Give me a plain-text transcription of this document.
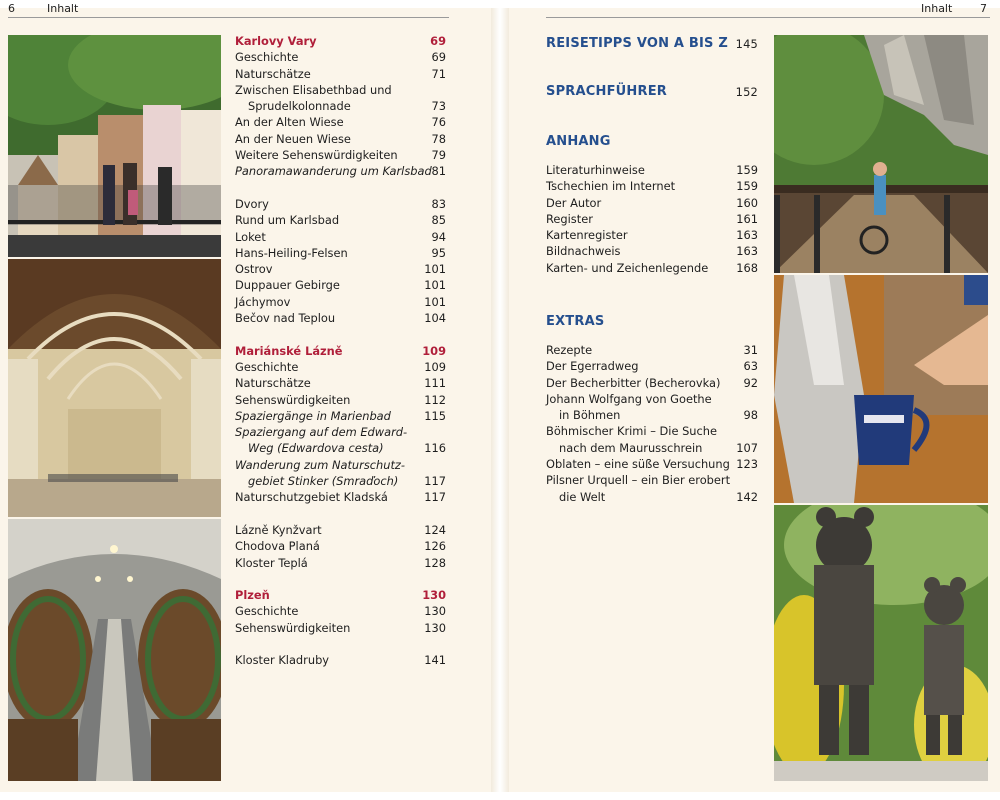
6	Inhalt	Inhalt	7
Karlovy Vary	69
Geschichte	69
Naturschätze	71
Zwischen Elisabethbad und
Sprudelkolonnade	73
An der Alten Wiese	76
An der Neuen Wiese	78
Weitere Sehenswürdigkeiten	79
Panoramawanderung um Karlsbad 81
Dvory	83
Rund um Karlsbad	85
Loket	94
Hans-Heiling-Felsen	95
Ostrov	101
Duppauer Gebirge	101
Jáchymov	101
Bečov nad Teplou	104
Mariánské Lázně	109
Geschichte	109
Naturschätze	111
Sehenswürdigkeiten	112
Spaziergänge in Marienbad	115
Spaziergang auf dem Edward-
Weg (Edwardova cesta)	116
Wanderung zum Naturschutz-
gebiet Stinker (Smraďoch) 117
Naturschutzgebiet Kladská	117
Lázně Kynžvart	124
Chodova Planá	126
Kloster Teplá	128
Plzeň	130
Geschichte	130
Sehenswürdigkeiten	130
Kloster Kladruby	141
REISETIPPS VON A BIS Z 145
SPRACHFÜHRER	152
ANHANG
Literaturhinweise	159
Tschechien im Internet	159
Der Autor	160
Register	161
Kartenregister	163
Bildnachweis	163
Karten- und Zeichenlegende 168
EXTRAS
Rezepte	31
Der Egerradweg	63
Der Becherbitter (Becherovka) 92
Johann Wolfgang von Goethe
in Böhmen	98
Böhmischer Krimi – Die Suche
nach dem Maurusschrein	107
Oblaten – eine süße Versuchung 123
Pilsner Urquell – ein Bier erobert
die Welt	142
